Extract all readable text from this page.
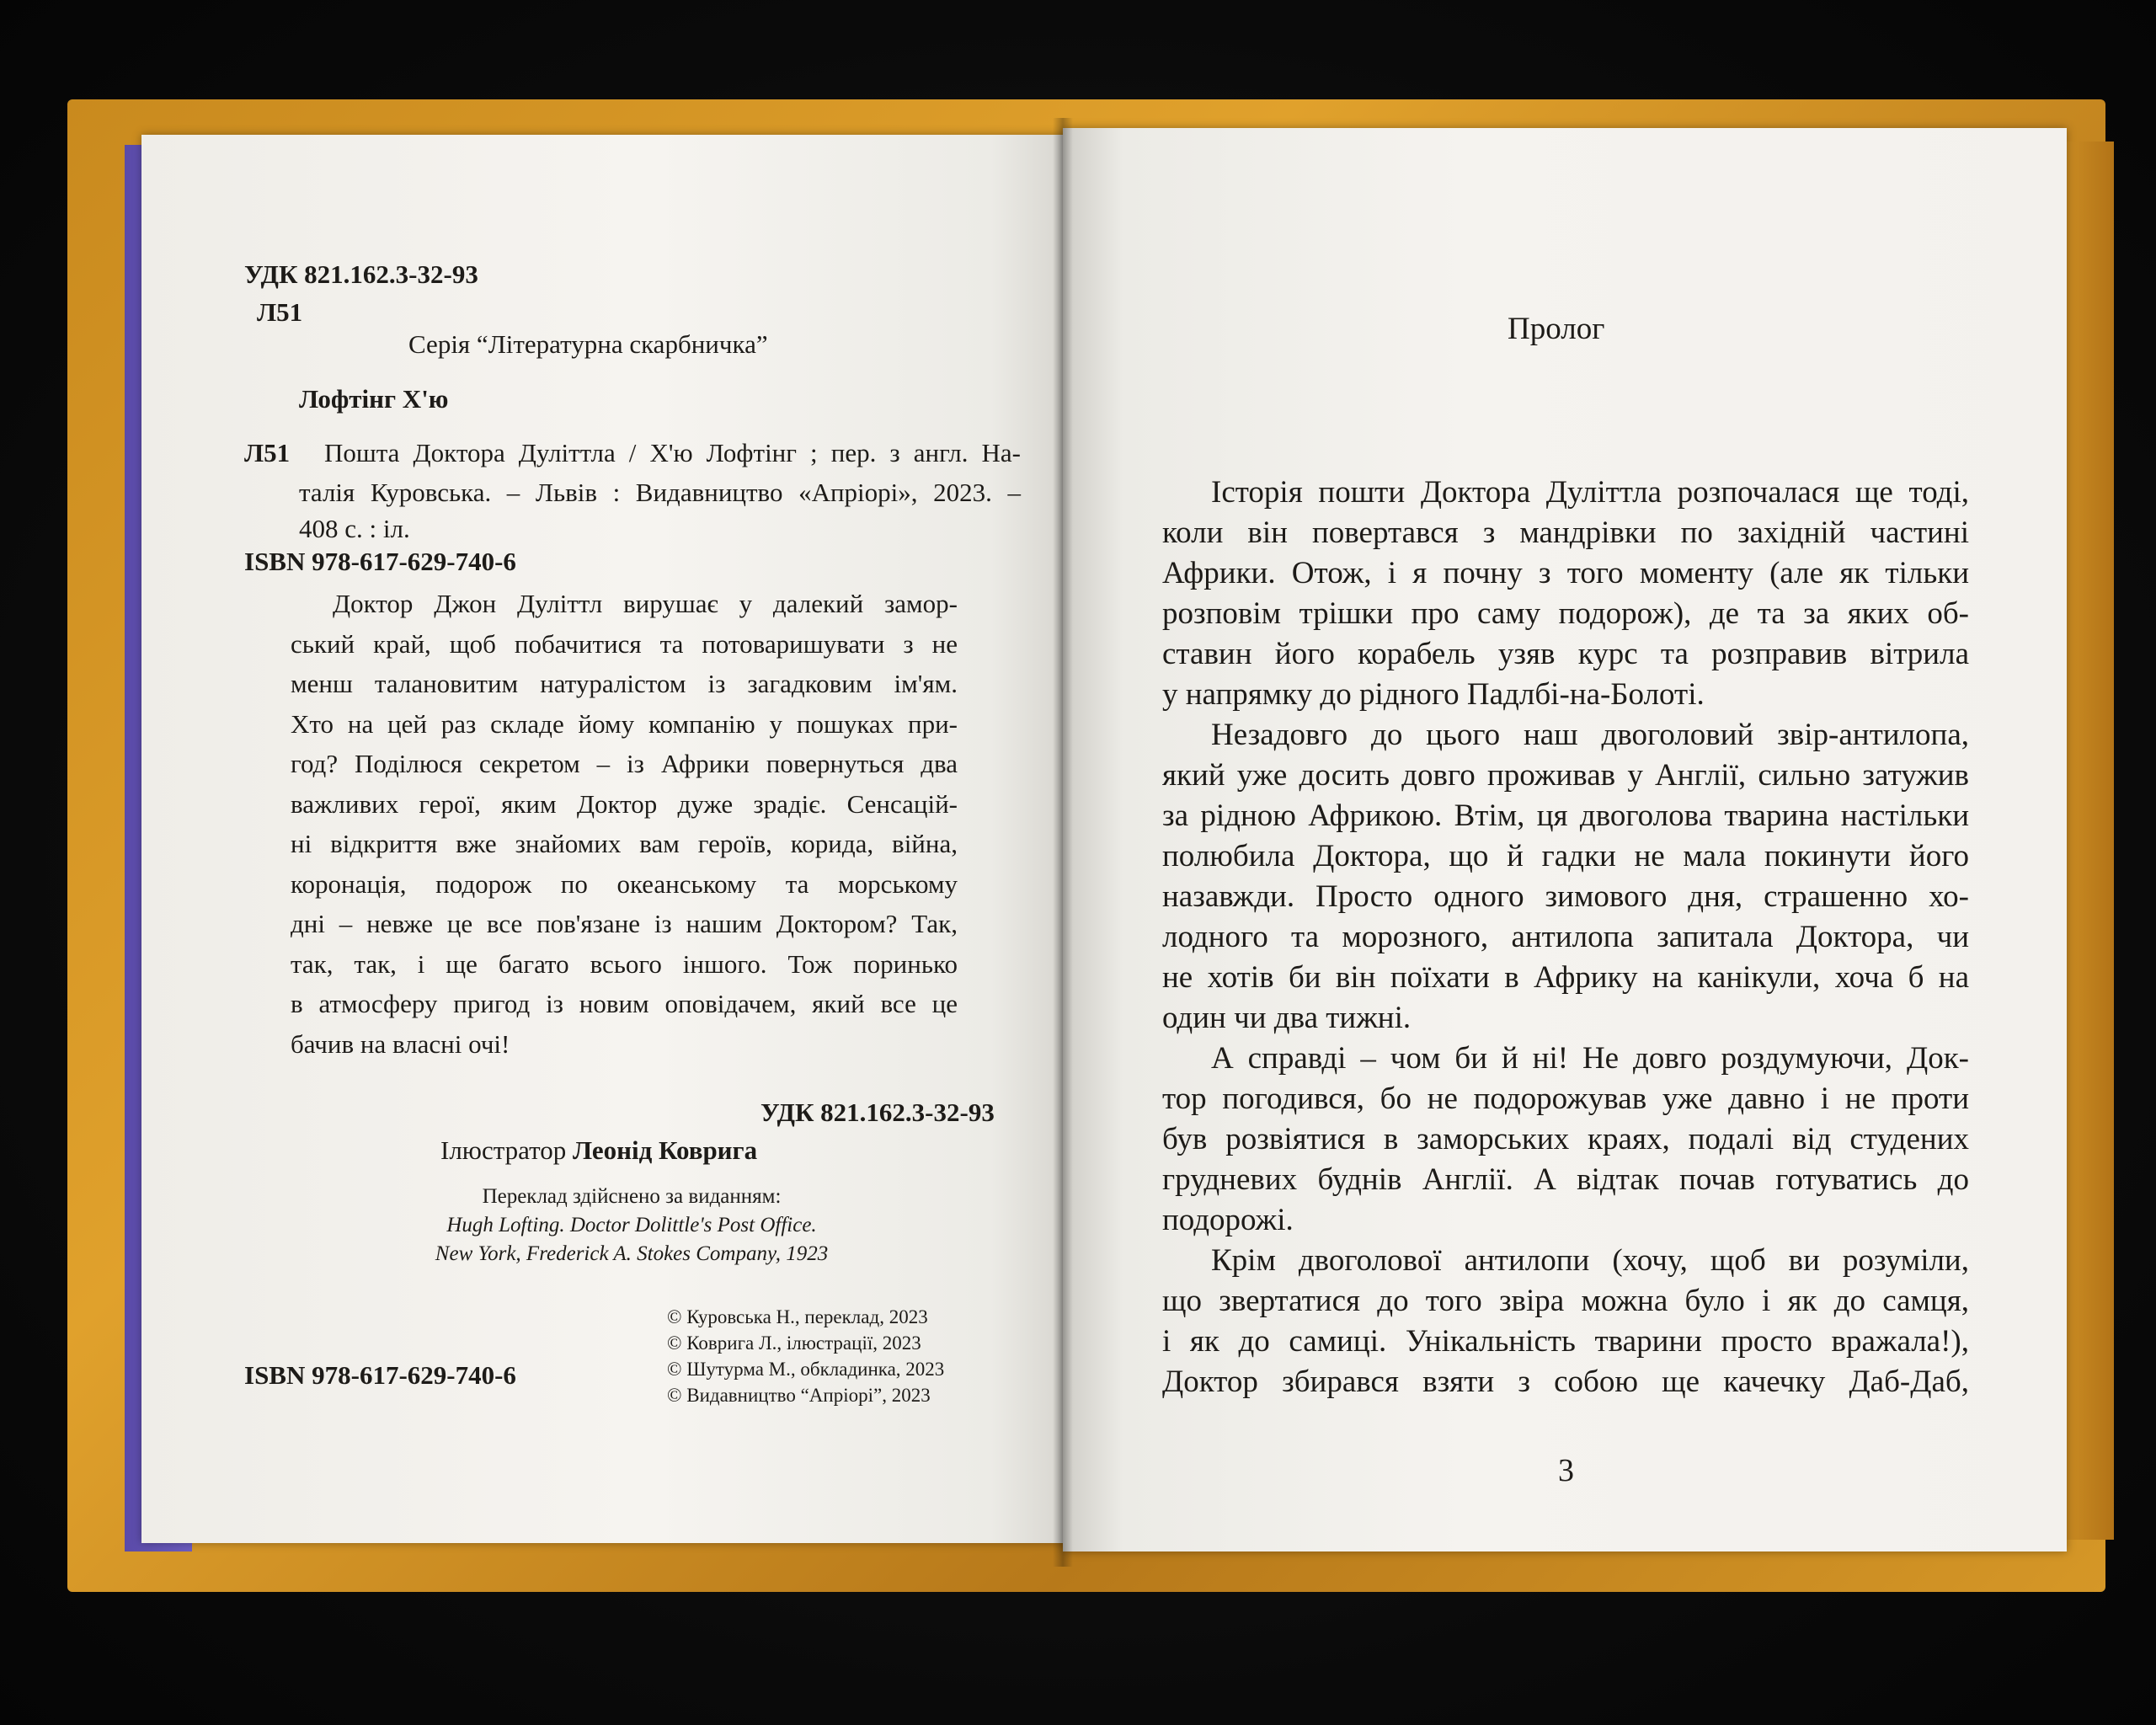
УДК 821.162.3-32-93
Л51
Серія “Літературна скарбничка”
Лофтінг Х'ю
Л51 Пошта Доктора Дуліттла / Х'ю Лофтінг ; пер. з англ. На-
талія Куровська. – Львів : Видавництво «Апріорі», 2023. –
408 с. : іл.
ISBN 978-617-629-740-6
Доктор Джон Дуліттл вирушає у далекий замор-
ський край, щоб побачитися та потоваришувати з не
менш талановитим натуралістом із загадковим ім'ям.
Хто на цей раз складе йому компанію у пошуках при-
год? Поділюся секретом – із Африки повернуться два
важливих герої, яким Доктор дуже зрадіє. Сенсацій-
ні відкриття вже знайомих вам героїв, корида, війна,
коронація, подорож по океанському та морському
дні – невже це все пов'язане із нашим Доктором? Так,
так, так, і ще багато всього іншого. Тож поринько
в атмосферу пригод із новим оповідачем, який все це
бачив на власні очі!
УДК 821.162.3-32-93
Ілюстратор Леонід Коврига
Переклад здійснено за виданням:
Hugh Lofting. Doctor Dolittle's Post Office.
New York, Frederick A. Stokes Company, 1923
© Куровська Н., переклад, 2023
© Коврига Л., ілюстрації, 2023
© Шутурма М., обкладинка, 2023
© Видавництво “Апріорі”, 2023
ISBN 978-617-629-740-6
Пролог
Історія пошти Доктора Дуліттла розпочалася ще тоді,
коли він повертався з мандрівки по західній частині
Африки. Отож, і я почну з того моменту (але як тільки
розповім трішки про саму подорож), де та за яких об-
ставин його корабель узяв курс та розправив вітрила
у напрямку до рідного Падлбі-на-Болоті.
Незадовго до цього наш двоголовий звір-антилопа,
який уже досить довго проживав у Англії, сильно затужив
за рідною Африкою. Втім, ця двоголова тварина настільки
полюбила Доктора, що й гадки не мала покинути його
назавжди. Просто одного зимового дня, страшенно хо-
лодного та морозного, антилопа запитала Доктора, чи
не хотів би він поїхати в Африку на канікули, хоча б на
один чи два тижні.
А справді – чом би й ні! Не довго роздумуючи, Док-
тор погодився, бо не подорожував уже давно і не проти
був розвіятися в заморських краях, подалі від студених
грудневих буднів Англії. А відтак почав готуватись до
подорожі.
Крім двоголової антилопи (хочу, щоб ви розуміли,
що звертатися до того звіра можна було і як до самця,
і як до самиці. Унікальність тварини просто вражала!),
Доктор збирався взяти з собою ще качечку Даб-Даб,
3
